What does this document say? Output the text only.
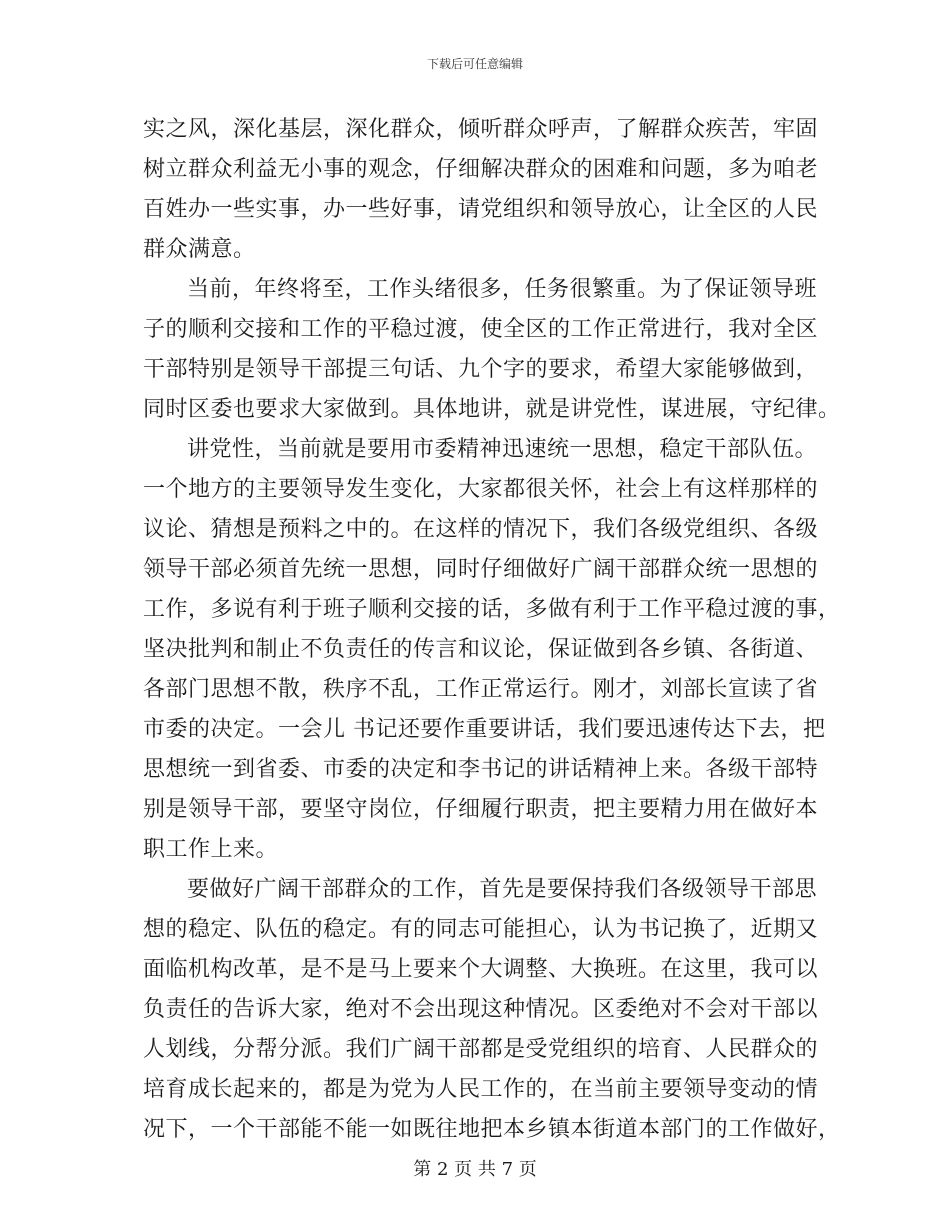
下载后可任意编辑
实之风，深化基层，深化群众，倾听群众呼声，了解群众疾苦，牢固
树立群众利益无小事的观念，仔细解决群众的困难和问题，多为咱老
百姓办一些实事，办一些好事，请党组织和领导放心，让全区的人民
群众满意。
当前，年终将至，工作头绪很多，任务很繁重。为了保证领导班
子的顺利交接和工作的平稳过渡，使全区的工作正常进行，我对全区
干部特别是领导干部提三句话、九个字的要求，希望大家能够做到，
同时区委也要求大家做到。具体地讲，就是讲党性，谋进展，守纪律。
讲党性，当前就是要用市委精神迅速统一思想，稳定干部队伍。
一个地方的主要领导发生变化，大家都很关怀，社会上有这样那样的
议论、猜想是预料之中的。在这样的情况下，我们各级党组织、各级
领导干部必须首先统一思想，同时仔细做好广阔干部群众统一思想的
工作，多说有利于班子顺利交接的话，多做有利于工作平稳过渡的事，
坚决批判和制止不负责任的传言和议论，保证做到各乡镇、各街道、
各部门思想不散，秩序不乱，工作正常运行。刚才，刘部长宣读了省
市委的决定。一会儿 书记还要作重要讲话，我们要迅速传达下去，把
思想统一到省委、市委的决定和李书记的讲话精神上来。各级干部特
别是领导干部，要坚守岗位，仔细履行职责，把主要精力用在做好本
职工作上来。
要做好广阔干部群众的工作，首先是要保持我们各级领导干部思
想的稳定、队伍的稳定。有的同志可能担心，认为书记换了，近期又
面临机构改革，是不是马上要来个大调整、大换班。在这里，我可以
负责任的告诉大家，绝对不会出现这种情况。区委绝对不会对干部以
人划线，分帮分派。我们广阔干部都是受党组织的培育、人民群众的
培育成长起来的，都是为党为人民工作的，在当前主要领导变动的情
况下，一个干部能不能一如既往地把本乡镇本街道本部门的工作做好，
第 2 页 共 7 页
